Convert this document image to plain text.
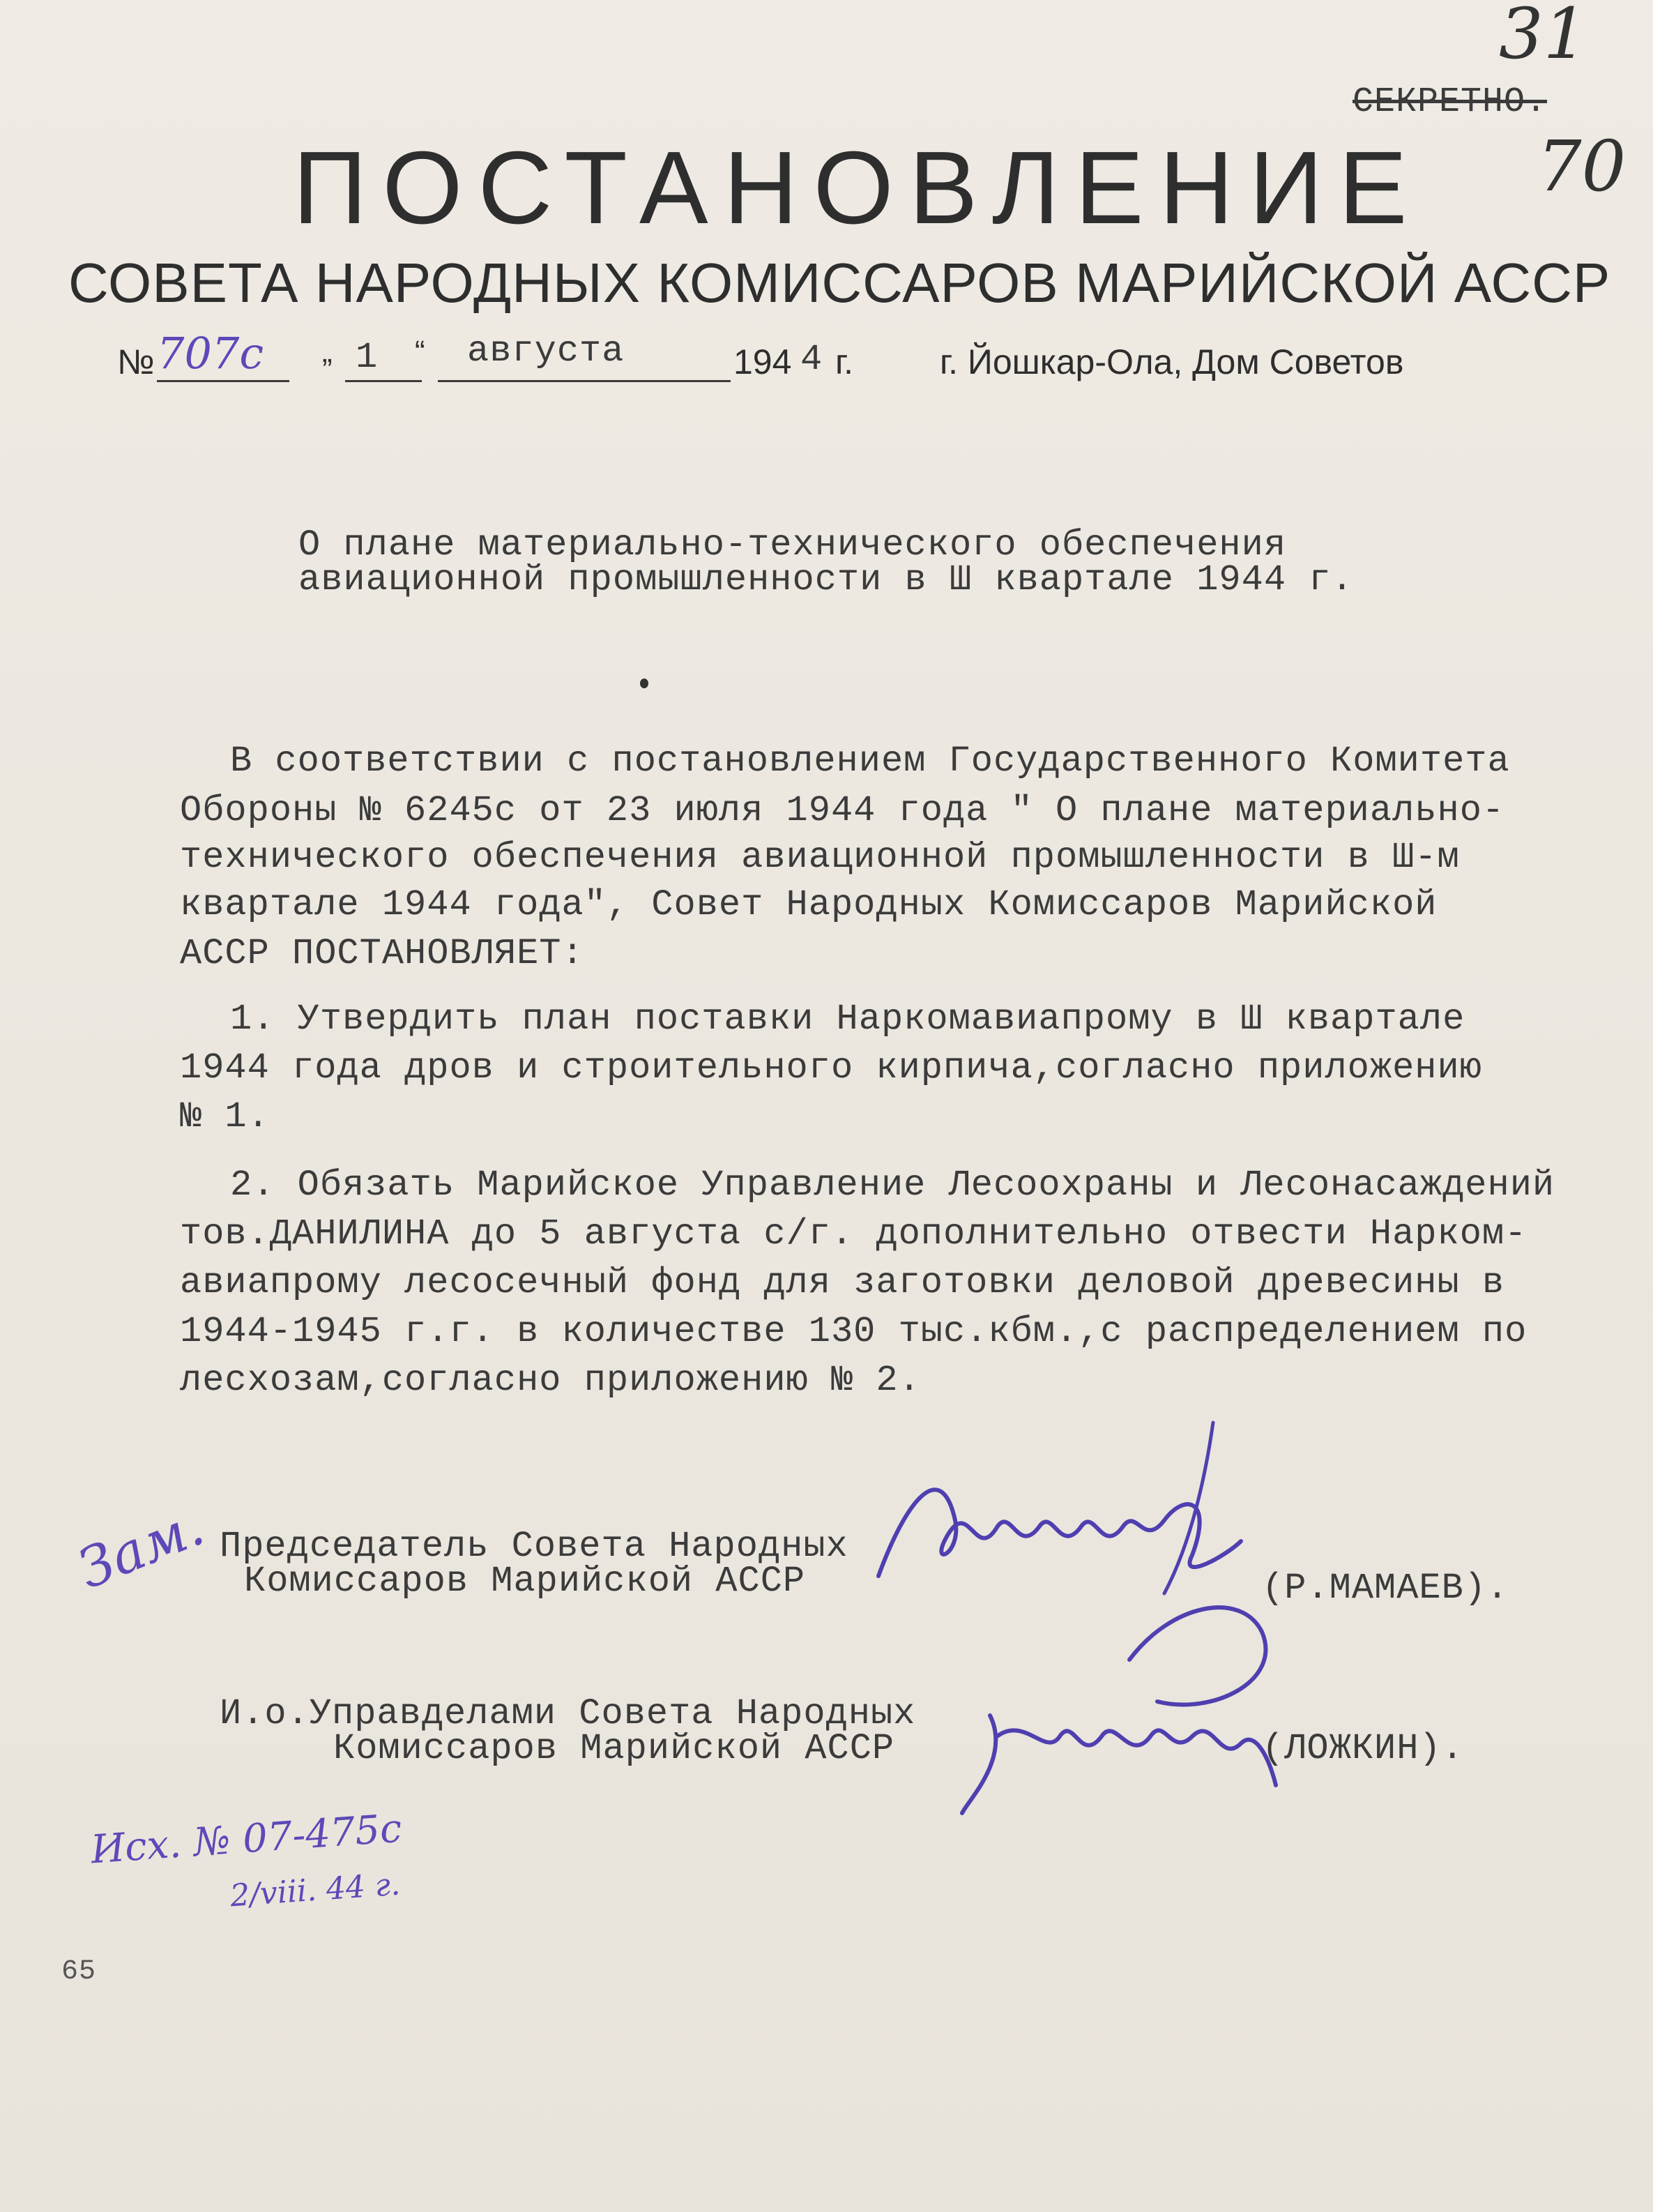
31
70
СЕКРЕТНО.
ПОСТАНОВЛЕНИЕ
СОВЕТА НАРОДНЫХ КОМИССАРОВ МАРИЙСКОЙ АССР
№ 707с „ 1 “ августа	194 4 г. г. Йошкар-Ола, Дом Советов
О плане материально-технического обеспечения
авиационной промышленности в Ш квартале 1944 г.
В соответствии с постановлением Государственного Комитета
Обороны № 6245с от 23 июля 1944 года " О плане материально-
технического обеспечения авиационной промышленности в Ш-м
квартале 1944 года", Совет Народных Комиссаров Марийской
АССР ПОСТАНОВЛЯЕТ:
1. Утвердить план поставки Наркомавиапрому в Ш квартале
1944 года дров и строительного кирпича,согласно приложению
№ 1.
2. Обязать Марийское Управление Лесоохраны и Лесонасаждений
тов.ДАНИЛИНА до 5 августа с/г. дополнительно отвести Нарком-
авиапрому лесосечный фонд для заготовки деловой древесины в
1944-1945 г.г. в количестве 130 тыс.кбм.,с распределением по
лесхозам,согласно приложению № 2.
Зам. Председатель Совета Народных
Комиссаров Марийской АССР	(Р.МАМАЕВ).
И.о.Управделами Совета Народных
Комиссаров Марийской АССР	(ЛОЖКИН).
Исх. № 07-475с
2/viii. 44 г.
65
